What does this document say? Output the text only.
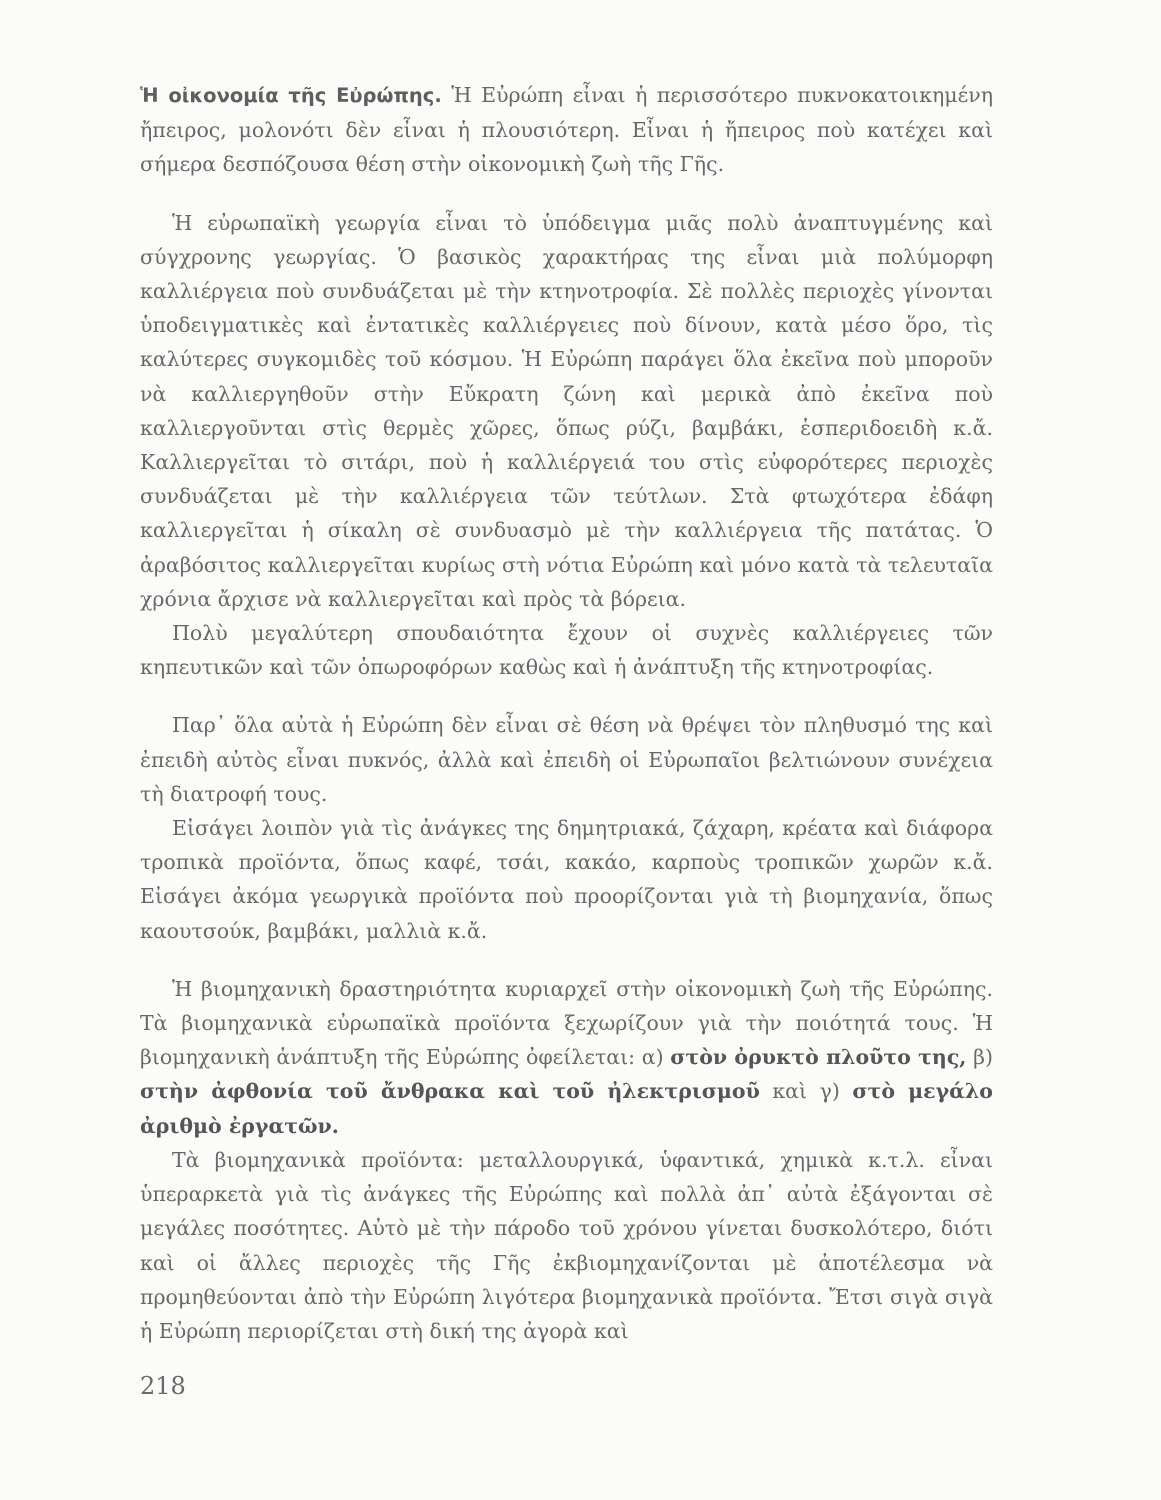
Ἡ οἰκονομία τῆς Εὐρώπης. Ἡ Εὐρώπη εἶναι ἡ περισσότερο πυκνοκατοικημένη ἤπειρος, μολονότι δὲν εἶναι ἡ πλουσιότερη. Εἶναι ἡ ἤπειρος ποὺ κατέχει καὶ σήμερα δεσπόζουσα θέση στὴν οἰκονομικὴ ζωὴ τῆς Γῆς.

Ἡ εὐρωπαϊκὴ γεωργία εἶναι τὸ ὑπόδειγμα μιᾶς πολὺ ἀναπτυγμένης καὶ σύγχρονης γεωργίας. Ὁ βασικὸς χαρακτήρας της εἶναι μιὰ πολύμορφη καλλιέργεια ποὺ συνδυάζεται μὲ τὴν κτηνοτροφία. Σὲ πολλὲς περιοχὲς γίνονται ὑποδειγματικὲς καὶ ἐντατικὲς καλλιέργειες ποὺ δίνουν, κατὰ μέσο ὅρο, τὶς καλύτερες συγκομιδὲς τοῦ κόσμου. Ἡ Εὐρώπη παράγει ὅλα ἐκεῖνα ποὺ μποροῦν νὰ καλλιεργηθοῦν στὴν Εὔκρατη ζώνη καὶ μερικὰ ἀπὸ ἐκεῖνα ποὺ καλλιεργοῦνται στὶς θερμὲς χῶρες, ὅπως ρύζι, βαμβάκι, ἑσπεριδοειδὴ κ.ἄ. Καλλιεργεῖται τὸ σιτάρι, ποὺ ἡ καλλιέργειά του στὶς εὐφορότερες περιοχὲς συνδυάζεται μὲ τὴν καλλιέργεια τῶν τεύτλων. Στὰ φτωχότερα ἐδάφη καλλιεργεῖται ἡ σίκαλη σὲ συνδυασμὸ μὲ τὴν καλλιέργεια τῆς πατάτας. Ὁ ἀραβόσιτος καλλιεργεῖται κυρίως στὴ νότια Εὐρώπη καὶ μόνο κατὰ τὰ τελευταῖα χρόνια ἄρχισε νὰ καλλιεργεῖται καὶ πρὸς τὰ βόρεια.

Πολὺ μεγαλύτερη σπουδαιότητα ἔχουν οἱ συχνὲς καλλιέργειες τῶν κηπευτικῶν καὶ τῶν ὀπωροφόρων καθὼς καὶ ἡ ἀνάπτυξη τῆς κτηνοτροφίας.

Παρ᾽ ὅλα αὐτὰ ἡ Εὐρώπη δὲν εἶναι σὲ θέση νὰ θρέψει τὸν πληθυσμό της καὶ ἐπειδὴ αὐτὸς εἶναι πυκνός, ἀλλὰ καὶ ἐπειδὴ οἱ Εὐρωπαῖοι βελτιώνουν συνέχεια τὴ διατροφή τους.

Εἰσάγει λοιπὸν γιὰ τὶς ἀνάγκες της δημητριακά, ζάχαρη, κρέατα καὶ διάφορα τροπικὰ προϊόντα, ὅπως καφέ, τσάι, κακάο, καρποὺς τροπικῶν χωρῶν κ.ἄ. Εἰσάγει ἀκόμα γεωργικὰ προϊόντα ποὺ προορίζονται γιὰ τὴ βιομηχανία, ὅπως καουτσούκ, βαμβάκι, μαλλιὰ κ.ἄ.

Ἡ βιομηχανικὴ δραστηριότητα κυριαρχεῖ στὴν οἰκονομικὴ ζωὴ τῆς Εὐρώπης. Τὰ βιομηχανικὰ εὐρωπαϊκὰ προϊόντα ξεχωρίζουν γιὰ τὴν ποιότητά τους. Ἡ βιομηχανικὴ ἀνάπτυξη τῆς Εὐρώπης ὀφείλεται: α) στὸν ὀρυκτὸ πλοῦτο της, β) στὴν ἀφθονία τοῦ ἄνθρακα καὶ τοῦ ἠλεκτρισμοῦ καὶ γ) στὸ μεγάλο ἀριθμὸ ἐργατῶν.

Τὰ βιομηχανικὰ προϊόντα: μεταλλουργικά, ὑφαντικά, χημικὰ κ.τ.λ. εἶναι ὑπεραρκετὰ γιὰ τὶς ἀνάγκες τῆς Εὐρώπης καὶ πολλὰ ἀπ᾽ αὐτὰ ἐξάγονται σὲ μεγάλες ποσότητες. Αὐτὸ μὲ τὴν πάροδο τοῦ χρόνου γίνεται δυσκολότερο, διότι καὶ οἱ ἄλλες περιοχὲς τῆς Γῆς ἐκβιομηχανίζονται μὲ ἀποτέλεσμα νὰ προμηθεύονται ἀπὸ τὴν Εὐρώπη λιγότερα βιομηχανικὰ προϊόντα. Ἔτσι σιγὰ σιγὰ ἡ Εὐρώπη περιορίζεται στὴ δική της ἀγορὰ καὶ

218
